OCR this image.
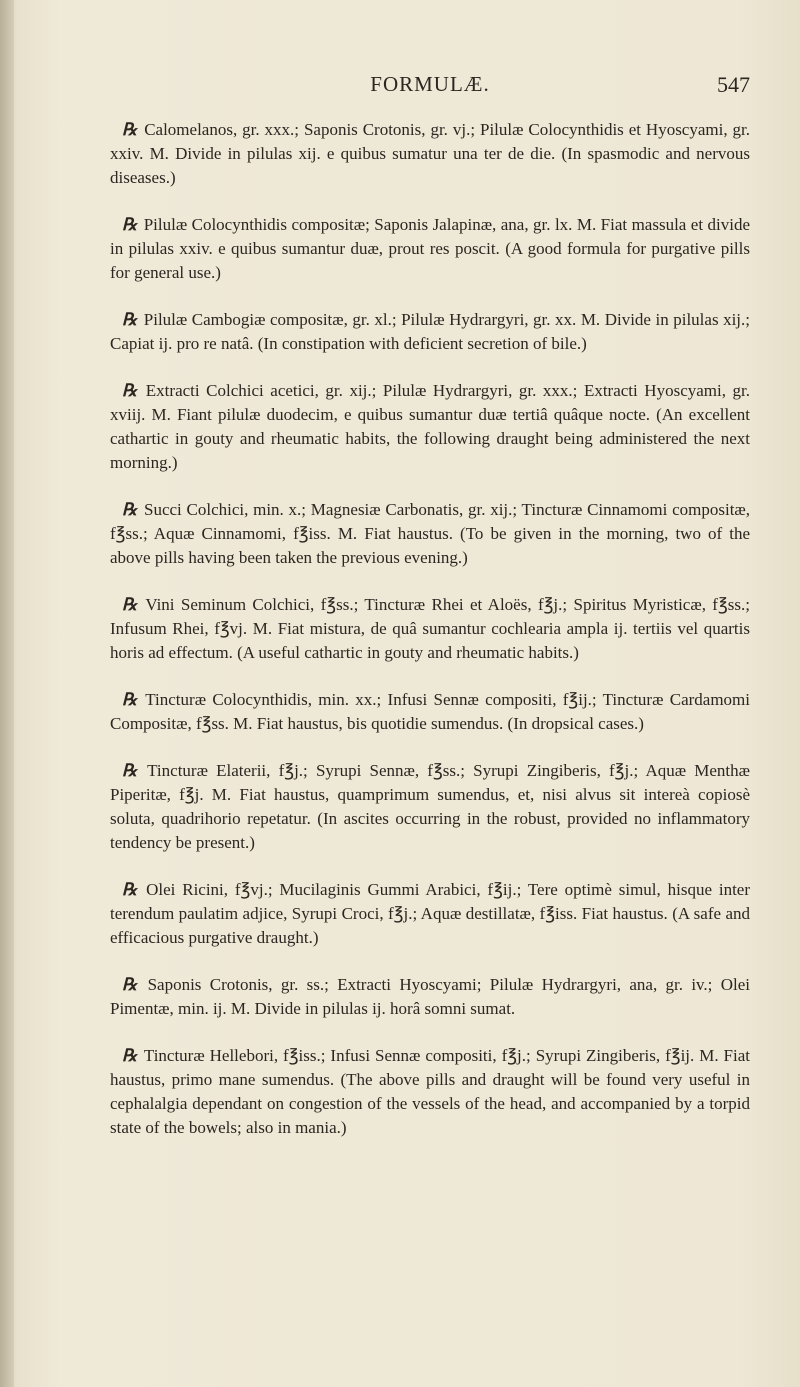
FORMULÆ.	547

℞ Calomelanos, gr. xxx.; Saponis Crotonis, gr. vj.; Pilulæ Colocynthidis et Hyoscyami, gr. xxiv. M. Divide in pilulas xij. e quibus sumatur una ter de die. (In spasmodic and nervous diseases.)

℞ Pilulæ Colocynthidis compositæ; Saponis Jalapinæ, ana, gr. lx. M. Fiat massula et divide in pilulas xxiv. e quibus sumantur duæ, prout res poscit. (A good formula for purgative pills for general use.)

℞ Pilulæ Cambogiæ compositæ, gr. xl.; Pilulæ Hydrargyri, gr. xx. M. Divide in pilulas xij.; Capiat ij. pro re natâ. (In constipation with deficient secretion of bile.)

℞ Extracti Colchici acetici, gr. xij.; Pilulæ Hydrargyri, gr. xxx.; Extracti Hyoscyami, gr. xviij. M. Fiant pilulæ duodecim, e quibus sumantur duæ tertiâ quâque nocte. (An excellent cathartic in gouty and rheumatic habits, the following draught being administered the next morning.)

℞ Succi Colchici, min. x.; Magnesiæ Carbonatis, gr. xij.; Tincturæ Cinnamomi compositæ, f℥ss.; Aquæ Cinnamomi, f℥iss. M. Fiat haustus. (To be given in the morning, two of the above pills having been taken the previous evening.)

℞ Vini Seminum Colchici, f℥ss.; Tincturæ Rhei et Aloës, f℥j.; Spiritus Myristicæ, f℥ss.; Infusum Rhei, f℥vj. M. Fiat mistura, de quâ sumantur cochlearia ampla ij. tertiis vel quartis horis ad effectum. (A useful cathartic in gouty and rheumatic habits.)

℞ Tincturæ Colocynthidis, min. xx.; Infusi Sennæ compositi, f℥ij.; Tincturæ Cardamomi Compositæ, f℥ss. M. Fiat haustus, bis quotidie sumendus. (In dropsical cases.)

℞ Tincturæ Elaterii, f℥j.; Syrupi Sennæ, f℥ss.; Syrupi Zingiberis, f℥j.; Aquæ Menthæ Piperitæ, f℥j. M. Fiat haustus, quamprimum sumendus, et, nisi alvus sit intereà copiosè soluta, quadrihorio repetatur. (In ascites occurring in the robust, provided no inflammatory tendency be present.)

℞ Olei Ricini, f℥vj.; Mucilaginis Gummi Arabici, f℥ij.; Tere optimè simul, hisque inter terendum paulatim adjice, Syrupi Croci, f℥j.; Aquæ destillatæ, f℥iss. Fiat haustus. (A safe and efficacious purgative draught.)

℞ Saponis Crotonis, gr. ss.; Extracti Hyoscyami; Pilulæ Hydrargyri, ana, gr. iv.; Olei Pimentæ, min. ij. M. Divide in pilulas ij. horâ somni sumat.

℞ Tincturæ Hellebori, f℥iss.; Infusi Sennæ compositi, f℥j.; Syrupi Zingiberis, f℥ij. M. Fiat haustus, primo mane sumendus. (The above pills and draught will be found very useful in cephalalgia dependant on congestion of the vessels of the head, and accompanied by a torpid state of the bowels; also in mania.)
